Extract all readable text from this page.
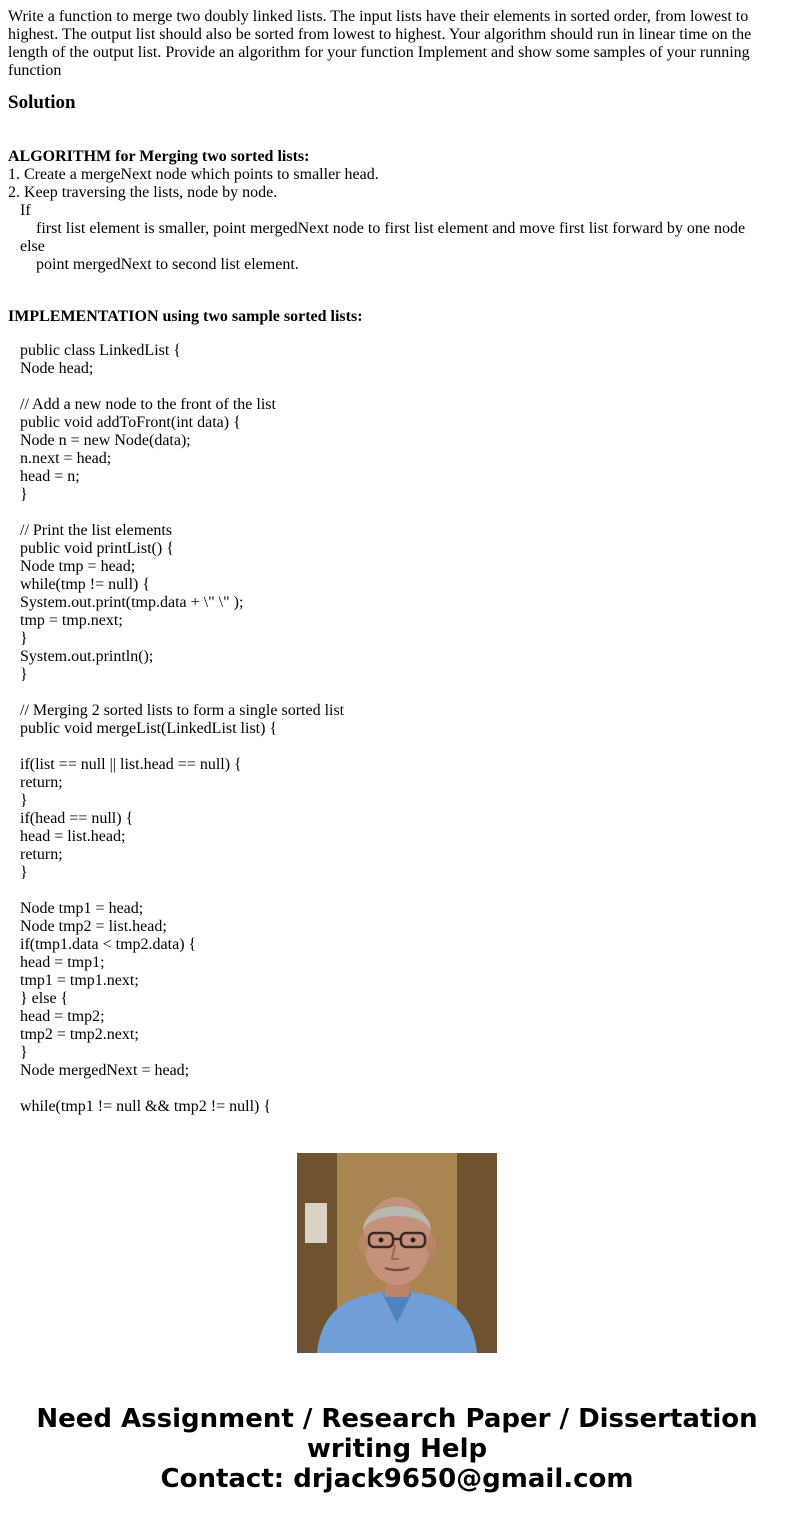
Write a function to merge two doubly linked lists. The input lists have their elements in sorted order, from lowest to highest. The output list should also be sorted from lowest to highest. Your algorithm should run in linear time on the length of the output list. Provide an algorithm for your function Implement and show some samples of your running function

Solution
ALGORITHM for Merging two sorted lists:
1. Create a mergeNext node which points to smaller head.
2. Keep traversing the lists, node by node.
If
first list element is smaller, point mergedNext node to first list element and move first list forward by one node
else
point mergedNext to second list element.
IMPLEMENTATION using two sample sorted lists:
public class LinkedList {
Node head;
// Add a new node to the front of the list
public void addToFront(int data) {
Node n = new Node(data);
n.next = head;
head = n;
}
// Print the list elements
public void printList() {
Node tmp = head;
while(tmp != null) {
System.out.print(tmp.data + \" \" );
tmp = tmp.next;
}
System.out.println();
}
// Merging 2 sorted lists to form a single sorted list
public void mergeList(LinkedList list) {
if(list == null || list.head == null) {
return;
}
if(head == null) {
head = list.head;
return;
}
Node tmp1 = head;
Node tmp2 = list.head;
if(tmp1.data < tmp2.data) {
head = tmp1;
tmp1 = tmp1.next;
} else {
head = tmp2;
tmp2 = tmp2.next;
}
Node mergedNext = head;
while(tmp1 != null && tmp2 != null) {
Need Assignment / Research Paper / Dissertation
writing Help
Contact: drjack9650@gmail.com
